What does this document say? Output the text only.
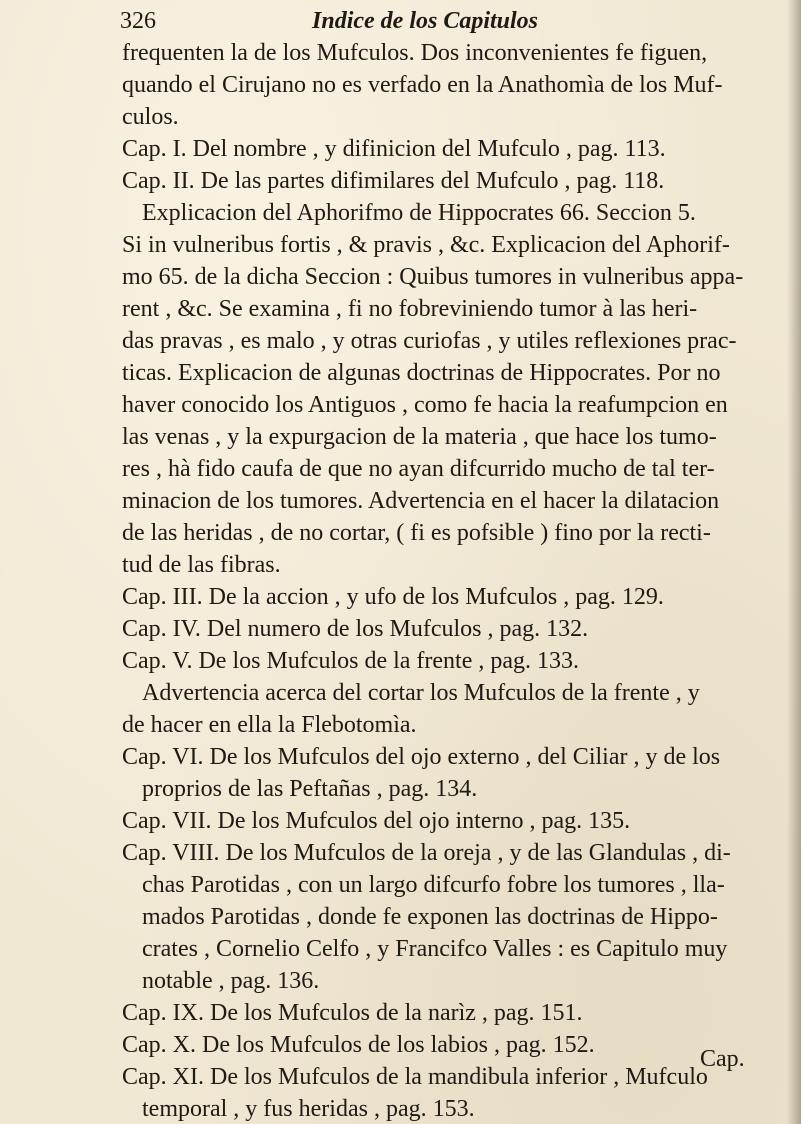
326	Indice de los Capitulos
frequenten la de los Mufculos. Dos inconvenientes fe figuen,
quando el Cirujano no es verfado en la Anathomìa de los Muf-
culos.
Cap. I. Del nombre , y difinicion del Mufculo , pag. 113.
Cap. II. De las partes difimilares del Mufculo , pag. 118.
Explicacion del Aphorifmo de Hippocrates 66. Seccion 5.
Si in vulneribus fortis , & pravis , &c. Explicacion del Aphorif-
mo 65. de la dicha Seccion : Quibus tumores in vulneribus appa-
rent , &c. Se examina , fi no fobreviniendo tumor à las heri-
das pravas , es malo , y otras curiofas , y utiles reflexiones prac-
ticas. Explicacion de algunas doctrinas de Hippocrates. Por no
haver conocido los Antiguos , como fe hacia la reafumpcion en
las venas , y la expurgacion de la materia , que hace los tumo-
res , hà fido caufa de que no ayan difcurrido mucho de tal ter-
minacion de los tumores. Advertencia en el hacer la dilatacion
de las heridas , de no cortar, ( fi es pofsible ) fino por la recti-
tud de las fibras.
Cap. III. De la accion , y ufo de los Mufculos , pag. 129.
Cap. IV. Del numero de los Mufculos , pag. 132.
Cap. V. De los Mufculos de la frente , pag. 133.
Advertencia acerca del cortar los Mufculos de la frente , y
de hacer en ella la Flebotomìa.
Cap. VI. De los Mufculos del ojo externo , del Ciliar , y de los
proprios de las Peftañas , pag. 134.
Cap. VII. De los Mufculos del ojo interno , pag. 135.
Cap. VIII. De los Mufculos de la oreja , y de las Glandulas , di-
chas Parotidas , con un largo difcurfo fobre los tumores , lla-
mados Parotidas , donde fe exponen las doctrinas de Hippo-
crates , Cornelio Celfo , y Francifco Valles : es Capitulo muy
notable , pag. 136.
Cap. IX. De los Mufculos de la narìz , pag. 151.
Cap. X. De los Mufculos de los labios , pag. 152.
Cap. XI. De los Mufculos de la mandibula inferior , Mufculo
temporal , y fus heridas , pag. 153.
Cap.
